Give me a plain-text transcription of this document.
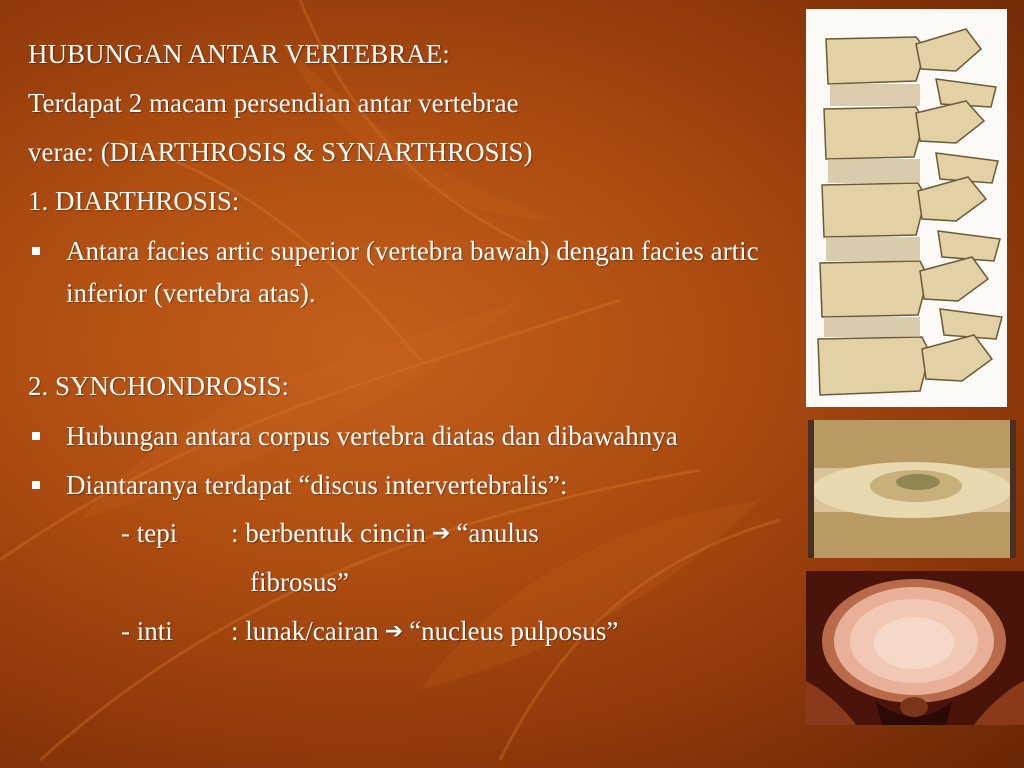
HUBUNGAN ANTAR VERTEBRAE:
Terdapat 2 macam persendian antar vertebrae
verae: (DIARTHROSIS & SYNARTHROSIS)
1. DIARTHROSIS:
Antara facies artic superior (vertebra bawah) dengan facies artic inferior (vertebra atas).
2. SYNCHONDROSIS:
Hubungan antara corpus vertebra diatas dan dibawahnya
Diantaranya terdapat “discus intervertebralis”:
- tepi	: berbentuk cincin ➔ “anulus
fibrosus”
- inti	: lunak/cairan ➔ “nucleus pulposus”
